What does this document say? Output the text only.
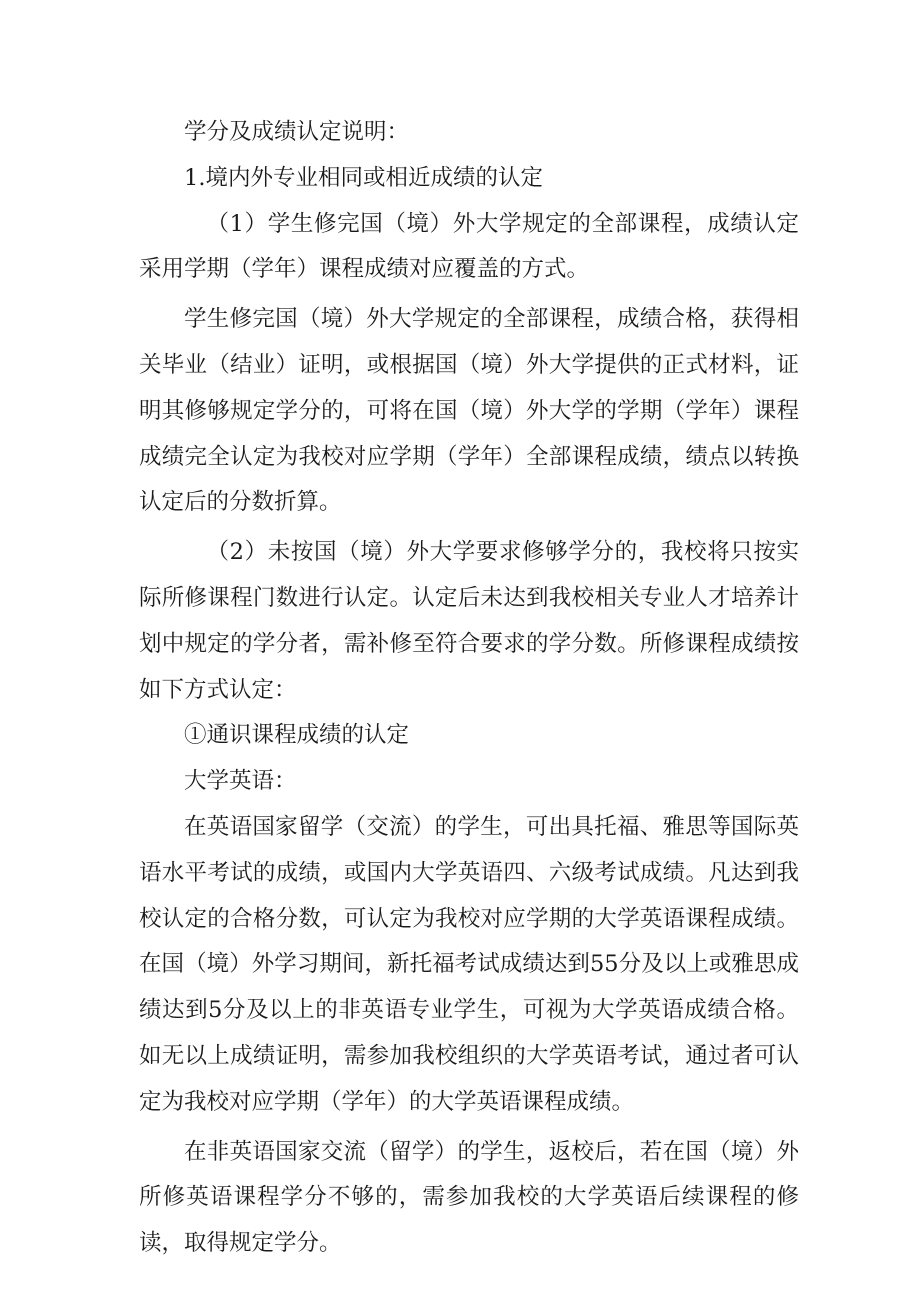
学分及成绩认定说明：

1.境内外专业相同或相近成绩的认定

（1）学生修完国（境）外大学规定的全部课程，成绩认定采用学期（学年）课程成绩对应覆盖的方式。

学生修完国（境）外大学规定的全部课程，成绩合格，获得相关毕业（结业）证明，或根据国（境）外大学提供的正式材料，证明其修够规定学分的，可将在国（境）外大学的学期（学年）课程成绩完全认定为我校对应学期（学年）全部课程成绩，绩点以转换认定后的分数折算。

（2）未按国（境）外大学要求修够学分的，我校将只按实际所修课程门数进行认定。认定后未达到我校相关专业人才培养计划中规定的学分者，需补修至符合要求的学分数。所修课程成绩按如下方式认定：

①通识课程成绩的认定

大学英语：

在英语国家留学（交流）的学生，可出具托福、雅思等国际英语水平考试的成绩，或国内大学英语四、六级考试成绩。凡达到我校认定的合格分数，可认定为我校对应学期的大学英语课程成绩。在国（境）外学习期间，新托福考试成绩达到55分及以上或雅思成绩达到5分及以上的非英语专业学生，可视为大学英语成绩合格。如无以上成绩证明，需参加我校组织的大学英语考试，通过者可认定为我校对应学期（学年）的大学英语课程成绩。

在非英语国家交流（留学）的学生，返校后，若在国（境）外所修英语课程学分不够的，需参加我校的大学英语后续课程的修读，取得规定学分。
